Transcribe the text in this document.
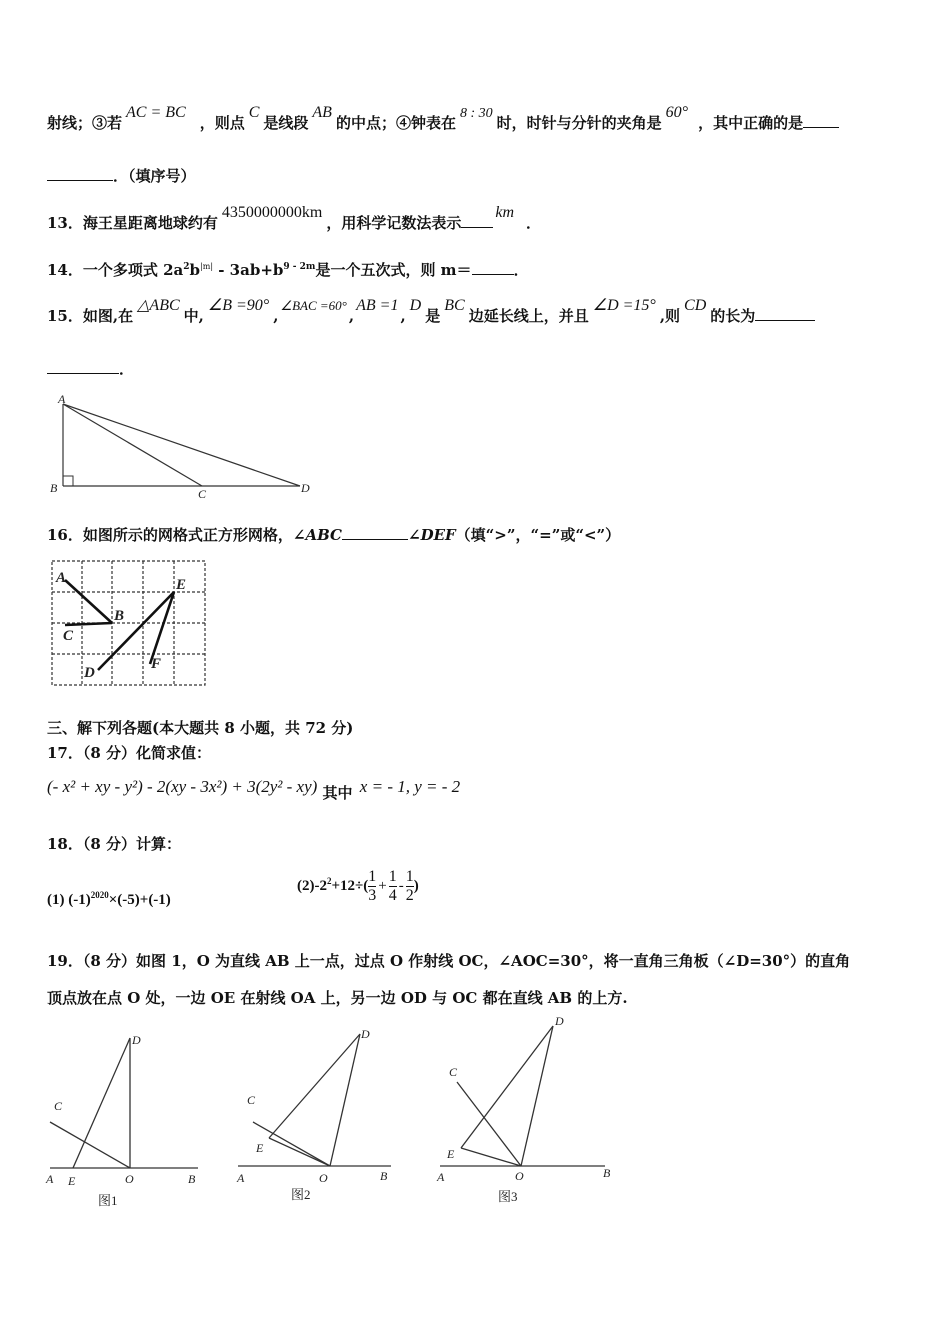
射线；③若AC = BC，则点C是线段AB的中点；④钟表在8 : 30时，时针与分针的夹角是60°，其中正确的是
．（填序号）
13．海王星距离地球约有4350000000km，用科学记数法表示km．
14．一个多项式 $2a^2b^{|m|} - 3ab+b^{9 - 2m}$是一个五次式，则 m＝	．
15．如图,在△ABC中,∠B =90°,∠BAC =60°,AB =1,D是BC边延长线上，并且∠D =15°,则CD的长为
．
A
B	C	D
16．如图所示的网格式正方形网格，∠ABC	∠DEF（填“>”，“=”或“<”）
A
B
C
D
E
F
三、解下列各题(本大题共 8 小题，共 72 分)
17．（8 分）化简求值：
(- x² + xy - y²) - 2(xy - 3x²) + 3(2y² - xy) 其中 x = - 1, y = - 2
18．（8 分）计算：
(1) $(-1)^{2020}\times(-5)+(-1)$
$(2)-2^2+12\div( \frac{1}{3} + \frac{1}{4} - \frac{1}{2}$ )
19．（8 分）如图 1，O 为直线 AB 上一点，过点 O 作射线 OC，∠AOC=30°，将一直角三角板（∠D=30°）的直角
顶点放在点 O 处，一边 OE 在射线 OA 上，另一边 OD 与 OC 都在直线 AB 的上方.
D
C
A E	O	B
图1
D
C
E
A	O	B
图2
D
C
E
A	O	B
图3
